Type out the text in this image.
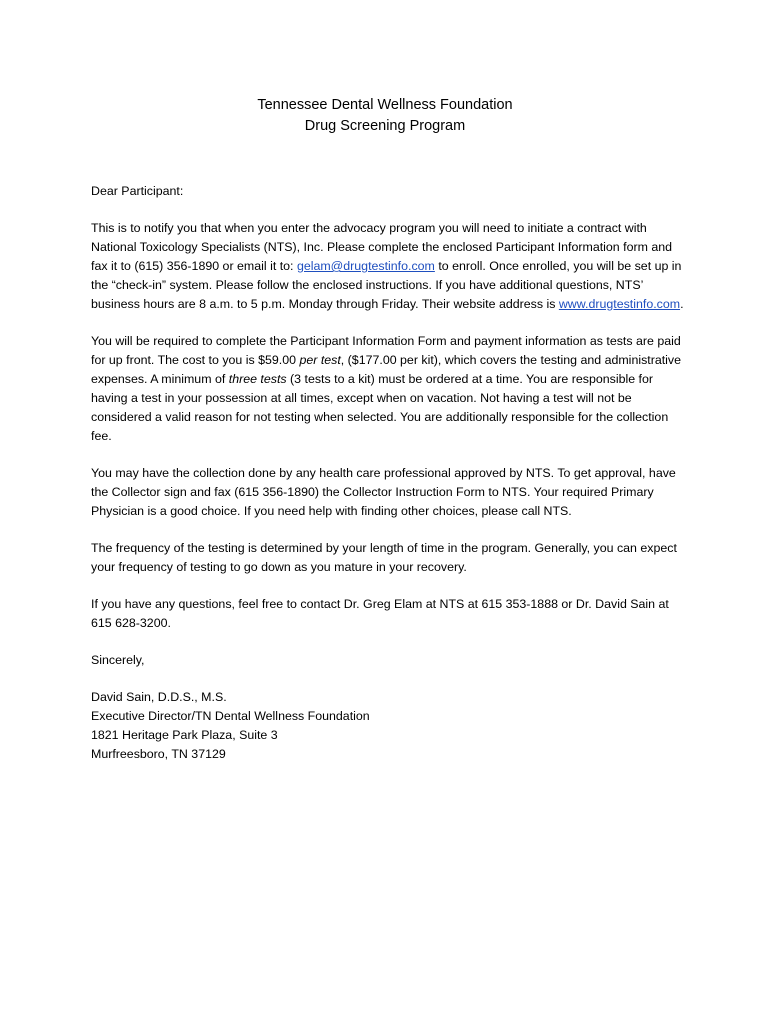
Tennessee Dental Wellness Foundation
Drug Screening Program

Dear Participant:

This is to notify you that when you enter the advocacy program you will need to initiate a contract with National Toxicology Specialists (NTS), Inc. Please complete the enclosed Participant Information form and fax it to (615) 356-1890 or email it to: gelam@drugtestinfo.com to enroll. Once enrolled, you will be set up in the “check-in” system. Please follow the enclosed instructions. If you have additional questions, NTS’ business hours are 8 a.m. to 5 p.m. Monday through Friday. Their website address is www.drugtestinfo.com.

You will be required to complete the Participant Information Form and payment information as tests are paid for up front. The cost to you is $59.00 per test, ($177.00 per kit), which covers the testing and administrative expenses. A minimum of three tests (3 tests to a kit) must be ordered at a time. You are responsible for having a test in your possession at all times, except when on vacation. Not having a test will not be considered a valid reason for not testing when selected. You are additionally responsible for the collection fee.

You may have the collection done by any health care professional approved by NTS. To get approval, have the Collector sign and fax (615 356-1890) the Collector Instruction Form to NTS. Your required Primary Physician is a good choice. If you need help with finding other choices, please call NTS.

The frequency of the testing is determined by your length of time in the program. Generally, you can expect your frequency of testing to go down as you mature in your recovery.

If you have any questions, feel free to contact Dr. Greg Elam at NTS at 615 353-1888 or Dr. David Sain at 615 628-3200.

Sincerely,

David Sain, D.D.S., M.S.
Executive Director/TN Dental Wellness Foundation
1821 Heritage Park Plaza, Suite 3
Murfreesboro, TN 37129
